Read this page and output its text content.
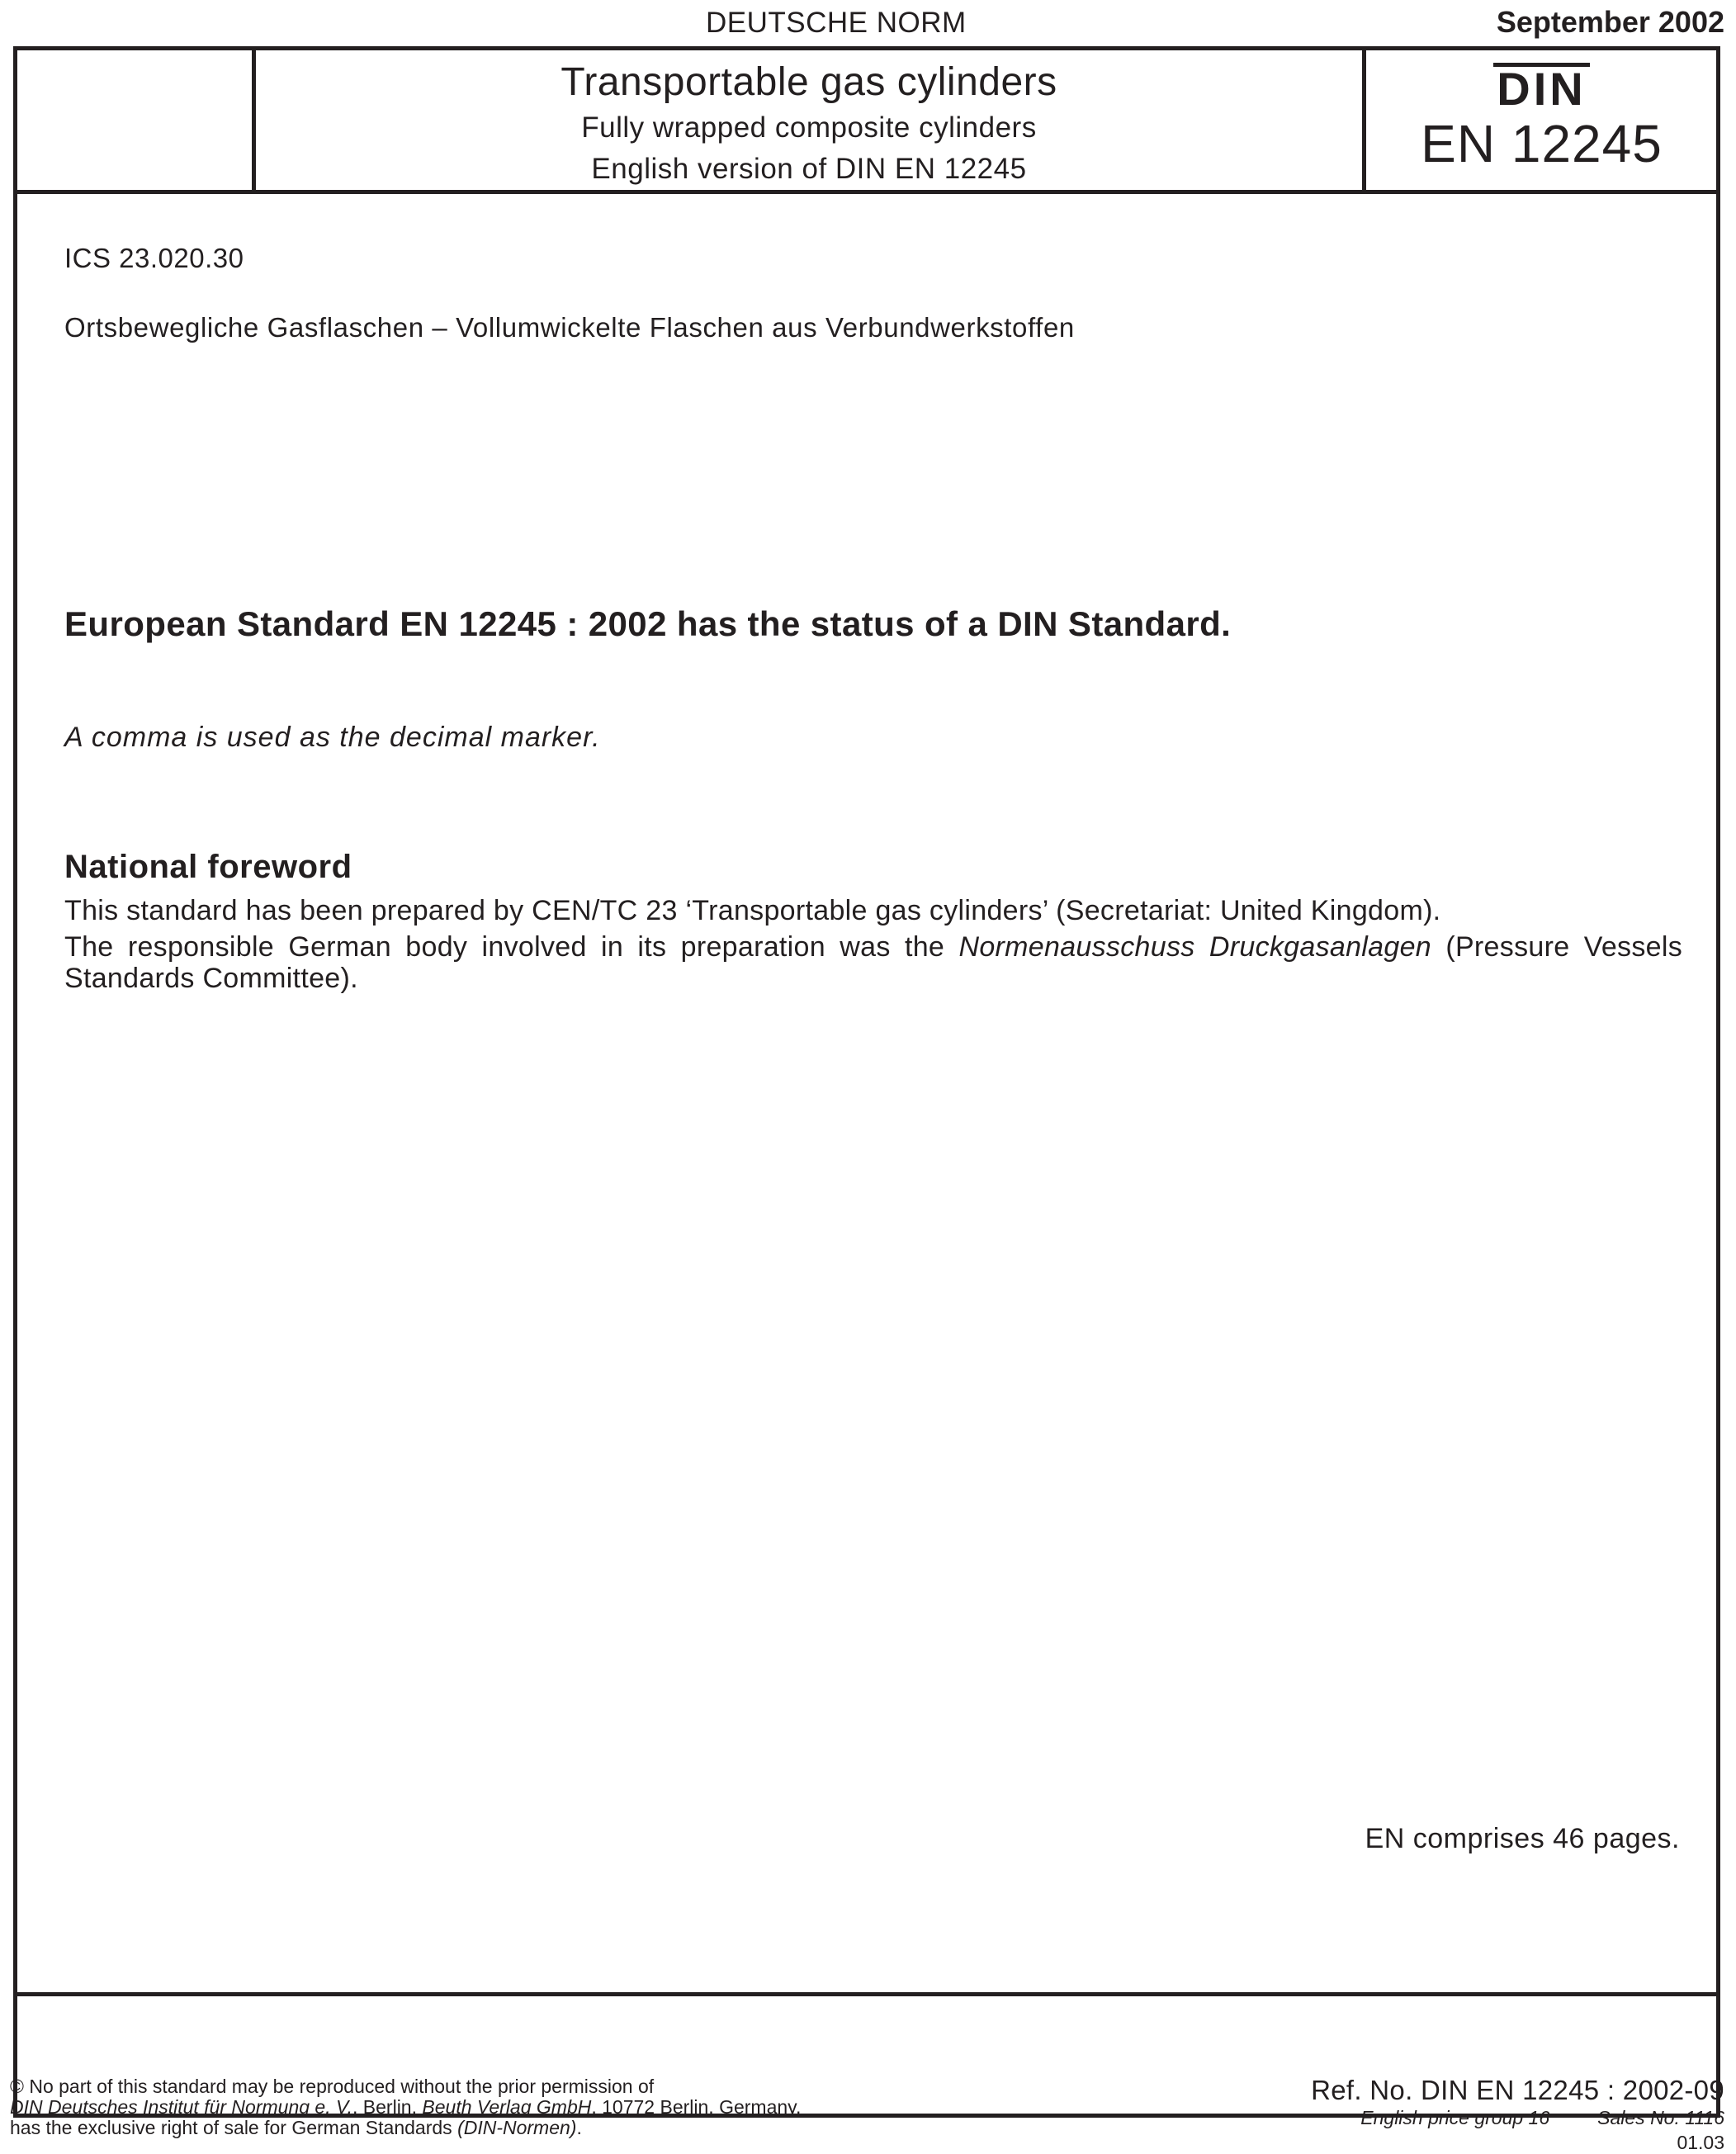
DEUTSCHE NORM	September 2002
Transportable gas cylinders
Fully wrapped composite cylinders
English version of DIN EN 12245
DIN
EN 12245
ICS 23.020.30
Ortsbewegliche Gasflaschen – Vollumwickelte Flaschen aus Verbundwerkstoffen
European Standard EN 12245 : 2002 has the status of a DIN Standard.
A comma is used as the decimal marker.
National foreword

This standard has been prepared by CEN/TC 23 ‘Transportable gas cylinders’ (Secretariat: United Kingdom).

The responsible German body involved in its preparation was the Normenausschuss Druckgasanlagen (Pressure Vessels Standards Committee).

EN comprises 46 pages.
© No part of this standard may be reproduced without the prior permission of
DIN Deutsches Institut für Normung e. V., Berlin. Beuth Verlag GmbH, 10772 Berlin, Germany,
has the exclusive right of sale for German Standards (DIN-Normen).
Ref. No. DIN EN 12245 : 2002-09
English price group 16	Sales No. 1116
01.03
